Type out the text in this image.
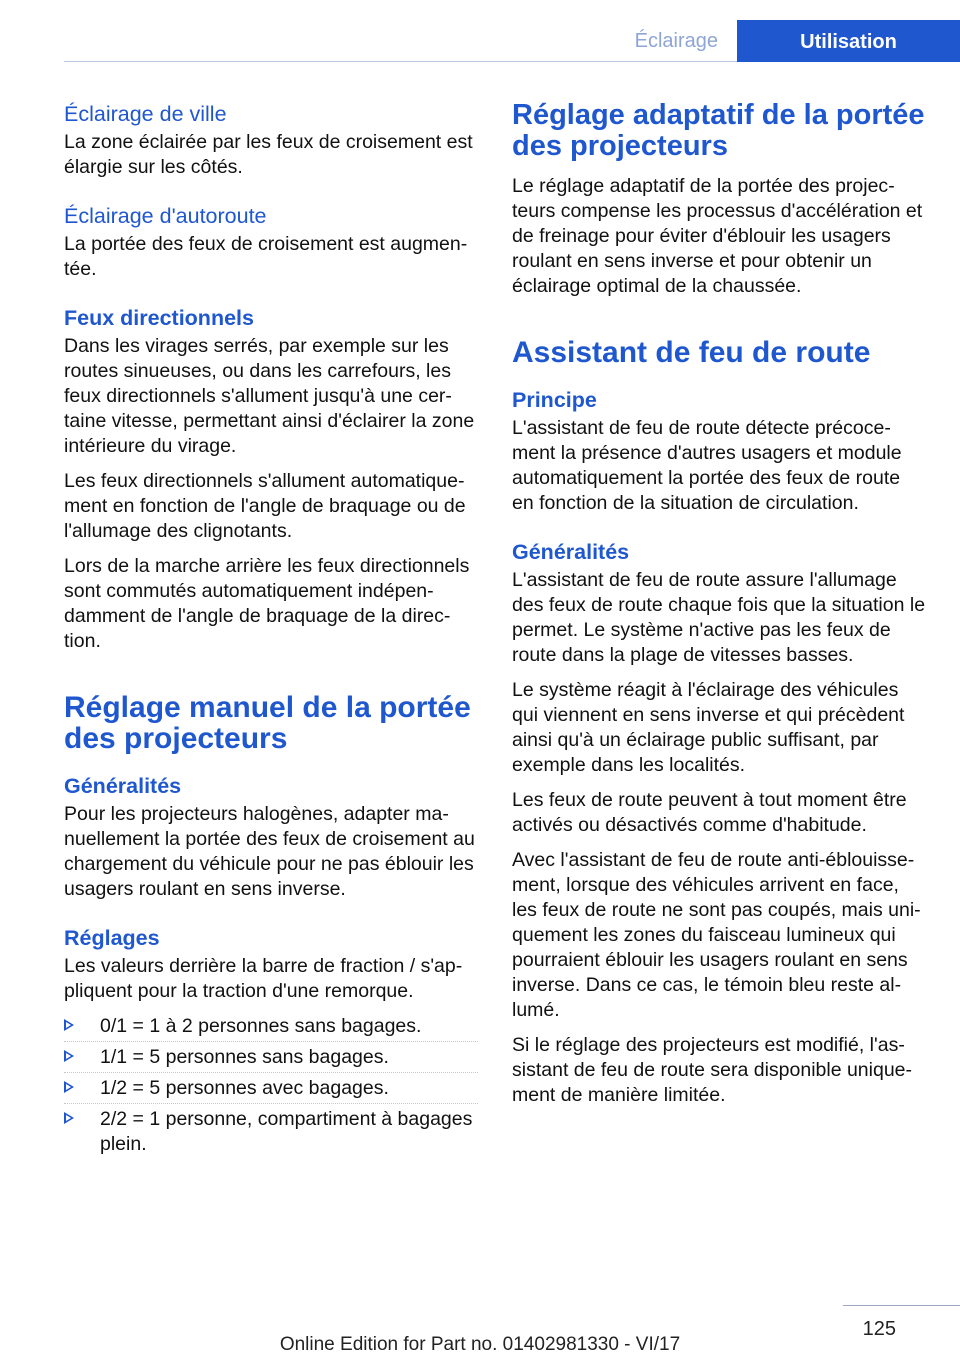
Éclairage	Utilisation
Éclairage de ville
La zone éclairée par les feux de croisement est élargie sur les côtés.
Éclairage d'autoroute
La portée des feux de croisement est augmentée.
Feux directionnels
Dans les virages serrés, par exemple sur les routes sinueuses, ou dans les carrefours, les feux directionnels s'allument jusqu'à une certaine vitesse, permettant ainsi d'éclairer la zone intérieure du virage.
Les feux directionnels s'allument automatiquement en fonction de l'angle de braquage ou de l'allumage des clignotants.
Lors de la marche arrière les feux directionnels sont commutés automatiquement indépendamment de l'angle de braquage de la direction.
Réglage manuel de la portée des projecteurs
Généralités
Pour les projecteurs halogènes, adapter manuellement la portée des feux de croisement au chargement du véhicule pour ne pas éblouir les usagers roulant en sens inverse.
Réglages
Les valeurs derrière la barre de fraction / s'appliquent pour la traction d'une remorque.
0/1 = 1 à 2 personnes sans bagages.
1/1 = 5 personnes sans bagages.
1/2 = 5 personnes avec bagages.
2/2 = 1 personne, compartiment à bagages plein.
Réglage adaptatif de la portée des projecteurs
Le réglage adaptatif de la portée des projecteurs compense les processus d'accélération et de freinage pour éviter d'éblouir les usagers roulant en sens inverse et pour obtenir un éclairage optimal de la chaussée.
Assistant de feu de route
Principe
L'assistant de feu de route détecte précocement la présence d'autres usagers et module automatiquement la portée des feux de route en fonction de la situation de circulation.
Généralités
L'assistant de feu de route assure l'allumage des feux de route chaque fois que la situation le permet. Le système n'active pas les feux de route dans la plage de vitesses basses.
Le système réagit à l'éclairage des véhicules qui viennent en sens inverse et qui précèdent ainsi qu'à un éclairage public suffisant, par exemple dans les localités.
Les feux de route peuvent à tout moment être activés ou désactivés comme d'habitude.
Avec l'assistant de feu de route anti-éblouissement, lorsque des véhicules arrivent en face, les feux de route ne sont pas coupés, mais uniquement les zones du faisceau lumineux qui pourraient éblouir les usagers roulant en sens inverse. Dans ce cas, le témoin bleu reste allumé.
Si le réglage des projecteurs est modifié, l'assistant de feu de route sera disponible uniquement de manière limitée.
125
Online Edition for Part no. 01402981330 - VI/17
